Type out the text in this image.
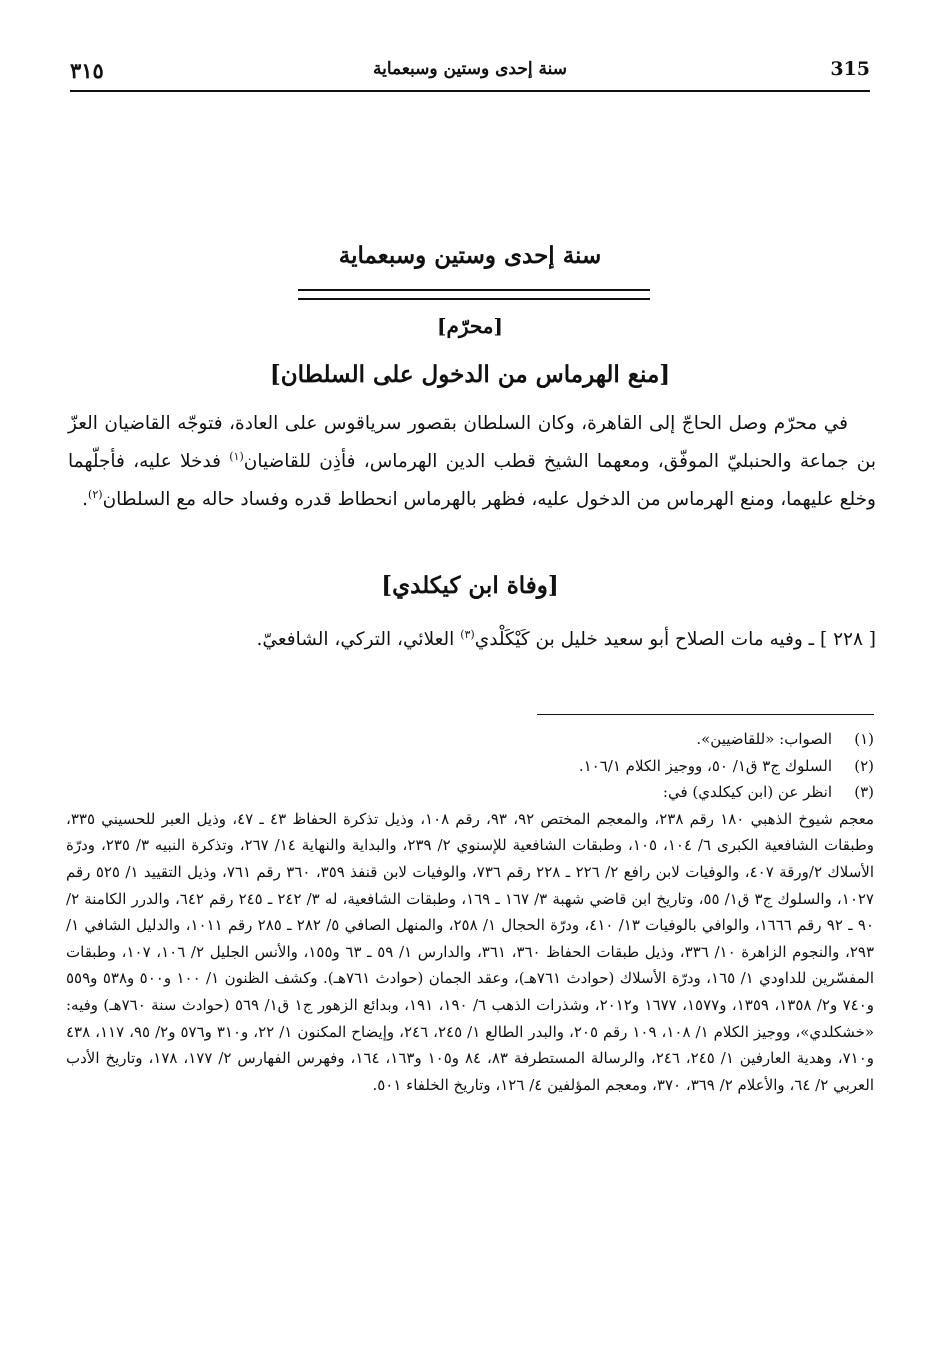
315
سنة إحدى وستين وسبعماية
٣١٥
سنة إحدى وستين وسبعماية
[محرّم]
[منع الهرماس من الدخول على السلطان]

في محرّم وصل الحاجّ إلى القاهرة، وكان السلطان بقصور سرياقوس على العادة، فتوجّه القاضيان العزّ بن جماعة والحنبليّ الموفّق، ومعهما الشيخ قطب الدين الهرماس، فأذِن للقاضيان$^{(١)}$ فدخلا عليه، فأجلّهما وخلع عليهما، ومنع الهرماس من الدخول عليه، فظهر بالهرماس انحطاط قدره وفساد حاله مع السلطان$^{(٢)}$.

[وفاة ابن كيكلدي]

[ ٢٢٨ ] ـ وفيه مات الصلاح أبو سعيد خليل بن كَيْكَلْدي$^{(٣)}$ العلائي، التركي، الشافعيّ.

(١)
الصواب: «للقاضيين».
(٢)
السلوك ج٣ ق١/ ٥٠، ووجيز الكلام ١٠٦/١.
(٣)
انظر عن (ابن كيكلدي) في:
معجم شيوخ الذهبي ١٨٠ رقم ٢٣٨، والمعجم المختص ٩٢، ٩٣، رقم ١٠٨، وذيل تذكرة الحفاظ ٤٣ ـ ٤٧، وذيل العبر للحسيني ٣٣٥، وطبقات الشافعية الكبرى ٦/ ١٠٤، ١٠٥، وطبقات الشافعية للإسنوي ٢/ ٢٣٩، والبداية والنهاية ١٤/ ٢٦٧، وتذكرة النبيه ٣/ ٢٣٥، ودرّة الأسلاك ٢/ورقة ٤٠٧، والوفيات لابن رافع ٢/ ٢٢٦ ـ ٢٢٨ رقم ٧٣٦، والوفيات لابن قنفذ ٣٥٩، ٣٦٠ رقم ٧٦١، وذيل التقييد ١/ ٥٢٥ رقم ١٠٢٧، والسلوك ج٣ ق١/ ٥٥، وتاريخ ابن قاضي شهبة ٣/ ١٦٧ ـ ١٦٩، وطبقات الشافعية، له ٣/ ٢٤٢ ـ ٢٤٥ رقم ٦٤٢، والدرر الكامنة ٢/ ٩٠ ـ ٩٢ رقم ١٦٦٦، والوافي بالوفيات ١٣/ ٤١٠، ودرّة الحجال ١/ ٢٥٨، والمنهل الصافي ٥/ ٢٨٢ ـ ٢٨٥ رقم ١٠١١، والدليل الشافي ١/ ٢٩٣، والنجوم الزاهرة ١٠/ ٣٣٦، وذيل طبقات الحفاظ ٣٦٠، ٣٦١، والدارس ١/ ٥٩ ـ ٦٣ و١٥٥، والأنس الجليل ٢/ ١٠٦، ١٠٧، وطبقات المفسّرين للداودي ١/ ١٦٥، ودرّة الأسلاك (حوادث ٧٦١هـ)، وعقد الجمان (حوادث ٧٦١هـ). وكشف الظنون ١/ ١٠٠ و٥٠٠ و٥٣٨ و٥٥٩ و٧٤٠ و٢/ ١٣٥٨، ١٣٥٩، و١٥٧٧، ١٦٧٧ و٢٠١٢، وشذرات الذهب ٦/ ١٩٠، ١٩١، وبدائع الزهور ج١ ق١/ ٥٦٩ (حوادث سنة ٧٦٠هـ) وفيه: «خشكلدي»، ووجيز الكلام ١/ ١٠٨، ١٠٩ رقم ٢٠٥، والبدر الطالع ١/ ٢٤٥، ٢٤٦، وإيضاح المكنون ١/ ٢٢، و٣١٠ و٥٧٦ و٢/ ٩٥، ١١٧، ٤٣٨ و٧١٠، وهدية العارفين ١/ ٢٤٥، ٢٤٦، والرسالة المستطرفة ٨٣، ٨٤ و١٠٥ و١٦٣، ١٦٤، وفهرس الفهارس ٢/ ١٧٧، ١٧٨، وتاريخ الأدب العربي ٢/ ٦٤، والأعلام ٢/ ٣٦٩، ٣٧٠، ومعجم المؤلفين ٤/ ١٢٦، وتاريخ الخلفاء ٥٠١.
